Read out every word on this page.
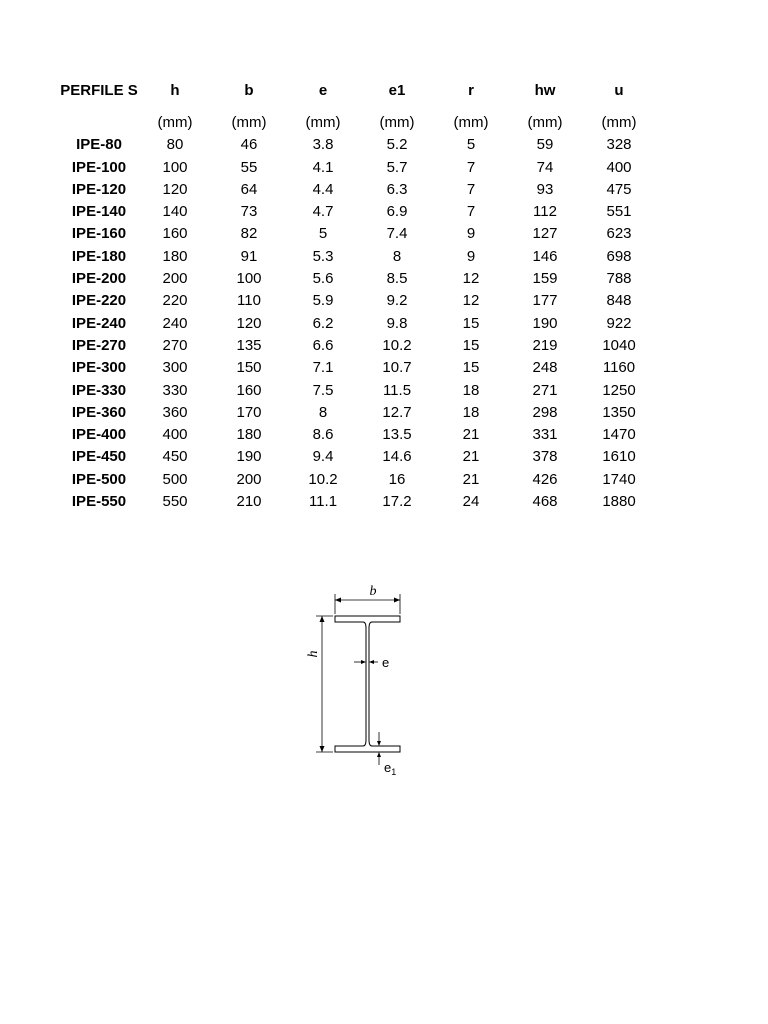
PERFILE S	h	b	e	e1	r	hw	u
	(mm)	(mm)	(mm)	(mm)	(mm)	(mm)	(mm)
IPE-80	80	46	3.8	5.2	5	59	328
IPE-100	100	55	4.1	5.7	7	74	400
IPE-120	120	64	4.4	6.3	7	93	475
IPE-140	140	73	4.7	6.9	7	112	551
IPE-160	160	82	5	7.4	9	127	623
IPE-180	180	91	5.3	8	9	146	698
IPE-200	200	100	5.6	8.5	12	159	788
IPE-220	220	110	5.9	9.2	12	177	848
IPE-240	240	120	6.2	9.8	15	190	922
IPE-270	270	135	6.6	10.2	15	219	1040
IPE-300	300	150	7.1	10.7	15	248	1160
IPE-330	330	160	7.5	11.5	18	271	1250
IPE-360	360	170	8	12.7	18	298	1350
IPE-400	400	180	8.6	13.5	21	331	1470
IPE-450	450	190	9.4	14.6	21	378	1610
IPE-500	500	200	10.2	16	21	426	1740
IPE-550	550	210	11.1	17.2	24	468	1880
b
h
e
$e_1$
